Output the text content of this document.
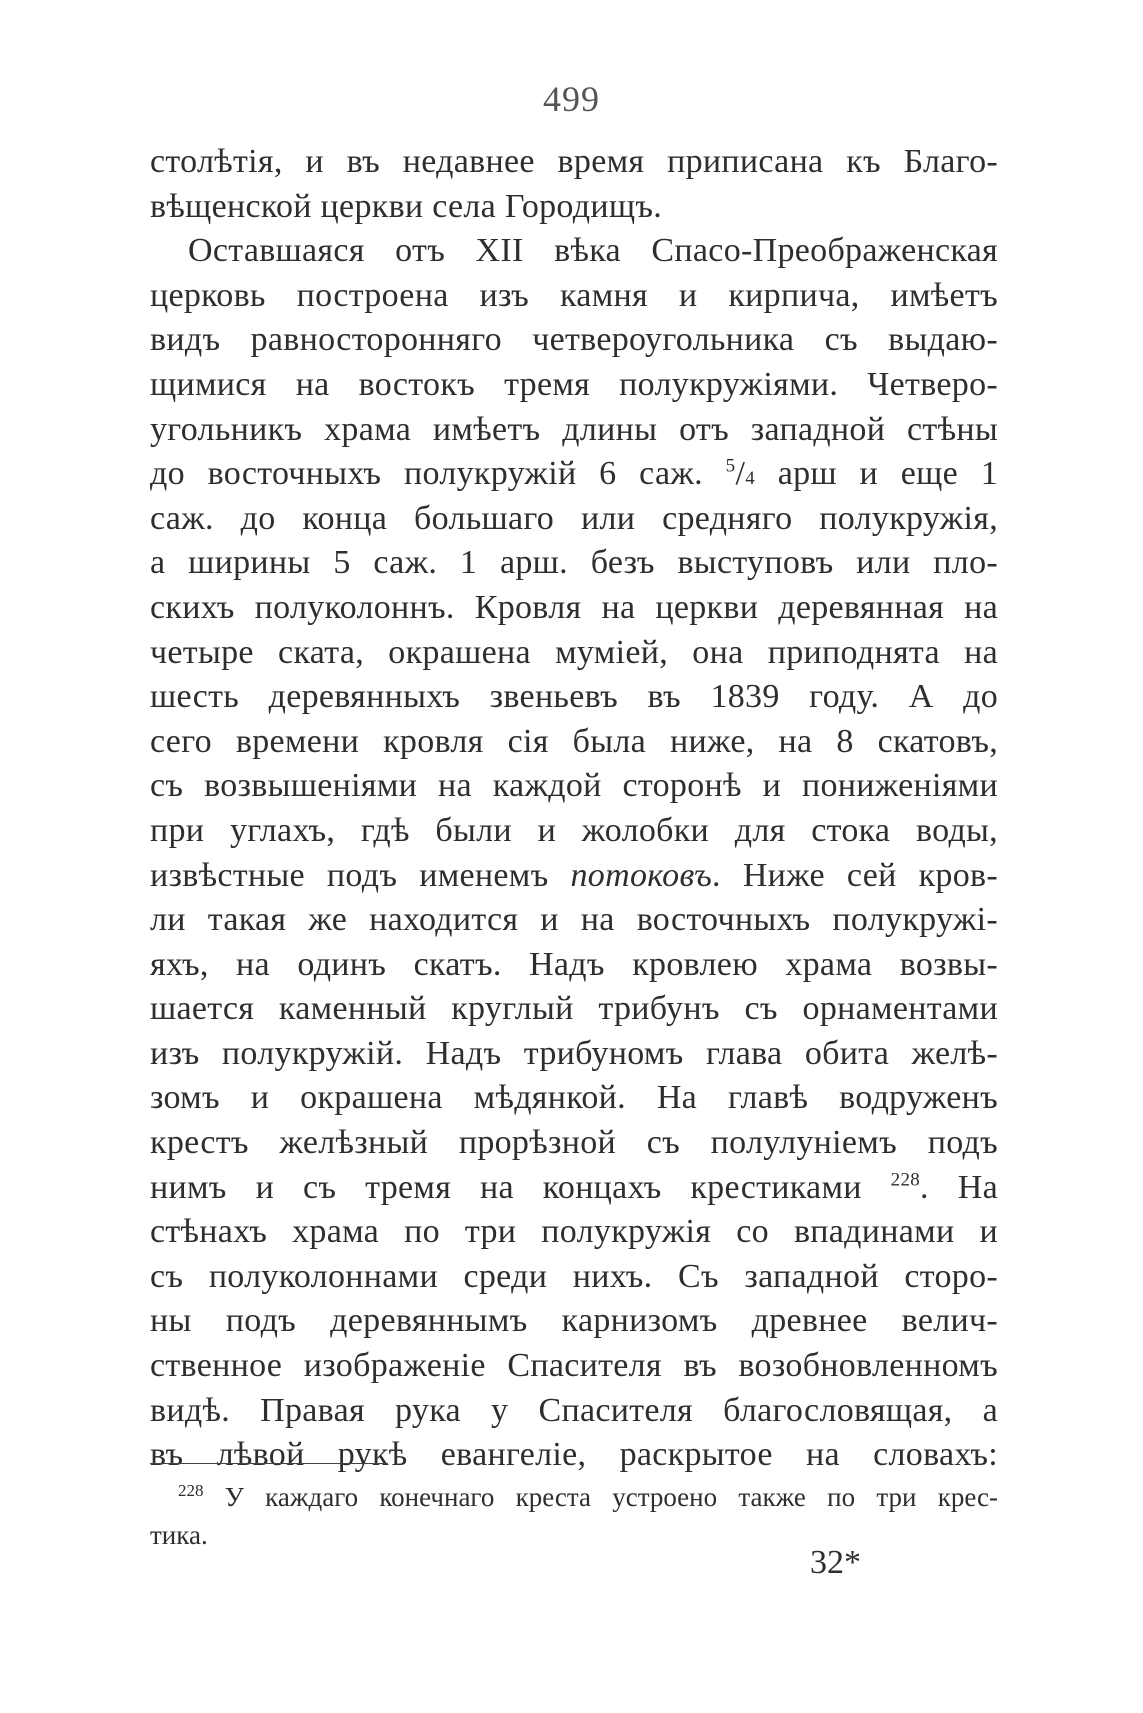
499
столѣтія, и въ недавнее время приписана къ Благо-
вѣщенской церкви села Городищъ.
Оставшаяся отъ XII вѣка Спасо-Преображенская
церковь построена изъ камня и кирпича, имѣетъ
видъ равносторонняго четвероугольника съ выдаю-
щимися на востокъ тремя полукружіями. Четверо-
угольникъ храма имѣетъ длины отъ западной стѣны
до восточныхъ полукружій 6 саж. $^5$/4 арш и еще 1
саж. до конца большаго или средняго полукружія,
а ширины 5 саж. 1 арш. безъ выступовъ или пло-
скихъ полуколоннъ. Кровля на церкви деревянная на
четыре ската, окрашена муміей, она приподнята на
шесть деревянныхъ звеньевъ въ 1839 году. А до
сего времени кровля сія была ниже, на 8 скатовъ,
съ возвышеніями на каждой сторонѣ и пониженіями
при углахъ, гдѣ были и жолобки для стока воды,
извѣстные подъ именемъ потоковъ. Ниже сей кров-
ли такая же находится и на восточныхъ полукружі-
яхъ, на одинъ скатъ. Надъ кровлею храма возвы-
шается каменный круглый трибунъ съ орнаментами
изъ полукружій. Надъ трибуномъ глава обита желѣ-
зомъ и окрашена мѣдянкой. На главѣ водруженъ
крестъ желѣзный прорѣзной съ полулуніемъ подъ
нимъ и съ тремя на концахъ крестиками $^{228}$. На
стѣнахъ храма по три полукружія со впадинами и
съ полуколоннами среди нихъ. Съ западной сторо-
ны подъ деревяннымъ карнизомъ древнее велич-
ственное изображеніе Спасителя въ возобновленномъ
видѣ. Правая рука у Спасителя благословящая, а
въ лѣвой рукѣ евангеліе, раскрытое на словахъ:
$^{228}$ У каждаго конечнаго креста устроено также по три крес-
тика.
32*
